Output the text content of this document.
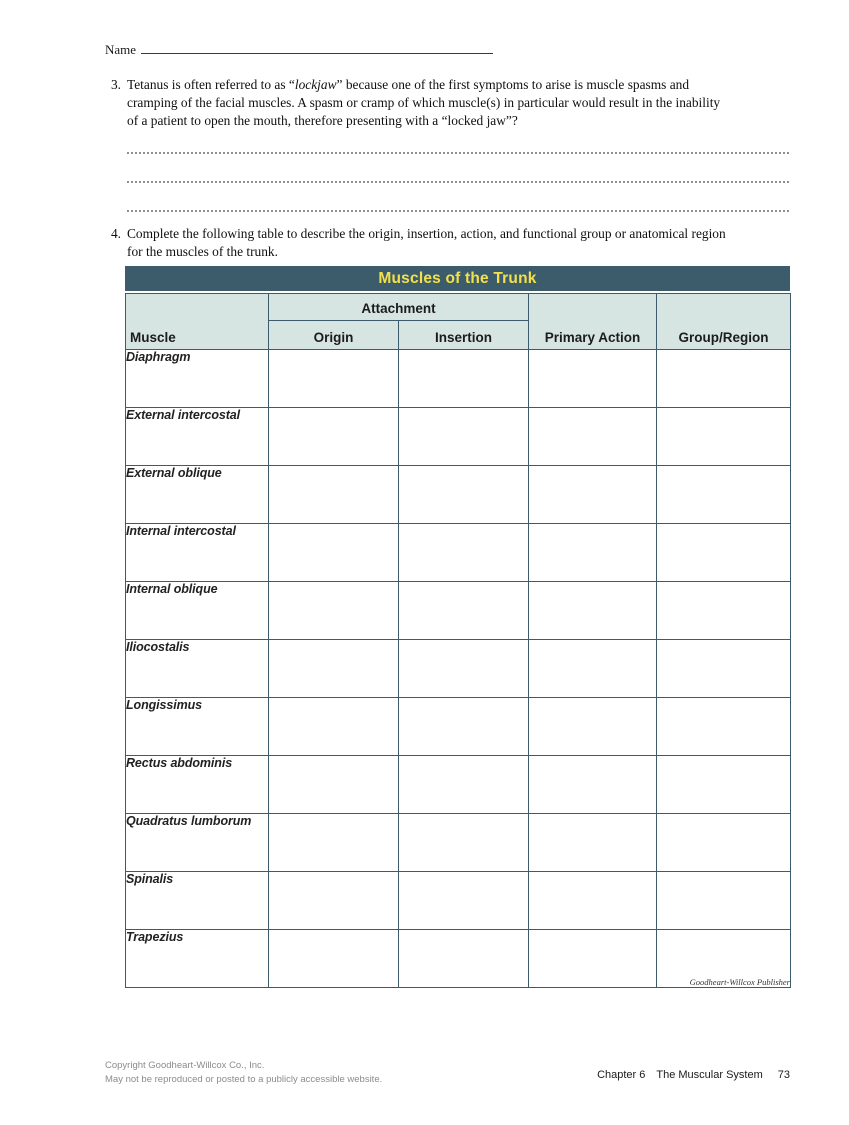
Name
3. Tetanus is often referred to as “lockjaw” because one of the first symptoms to arise is muscle spasms and
cramping of the facial muscles. A spasm or cramp of which muscle(s) in particular would result in the inability
of a patient to open the mouth, therefore presenting with a “locked jaw”?
4. Complete the following table to describe the origin, insertion, action, and functional group or anatomical region
for the muscles of the trunk.
Muscles of the Trunk
Muscle	Attachment		Primary Action	Group/Region
	Origin	Insertion		
Diaphragm				
External intercostal				
External oblique				
Internal intercostal				
Internal oblique				
Iliocostalis				
Longissimus				
Rectus abdominis				
Quadratus lumborum				
Spinalis				
Trapezius				
Goodheart-Willcox Publisher
Copyright Goodheart-Willcox Co., Inc.
May not be reproduced or posted to a publicly accessible website.	Chapter 6 The Muscular System 73
